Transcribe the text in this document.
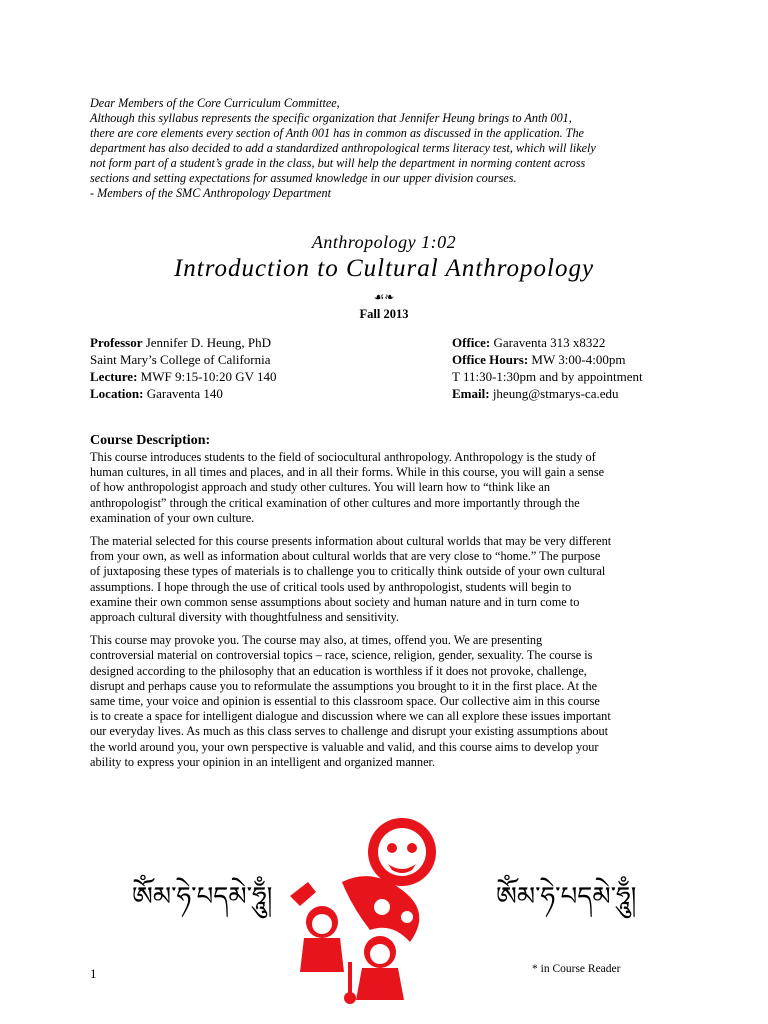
Dear Members of the Core Curriculum Committee,
Although this syllabus represents the specific organization that Jennifer Heung brings to Anth 001,
there are core elements every section of Anth 001 has in common as discussed in the application. The
department has also decided to add a standardized anthropological terms literacy test, which will likely
not form part of a student’s grade in the class, but will help the department in norming content across
sections and setting expectations for assumed knowledge in our upper division courses.
- Members of the SMC Anthropology Department
Anthropology 1:02
Introduction to Cultural Anthropology
☙❧
Fall 2013
Professor Jennifer D. Heung, PhD
Saint Mary’s College of California
Lecture: MWF 9:15-10:20 GV 140
Location: Garaventa 140
Office: Garaventa 313 x8322
Office Hours: MW 3:00-4:00pm
T 11:30-1:30pm and by appointment
Email: jheung@stmarys-ca.edu
Course Description:
This course introduces students to the field of sociocultural anthropology. Anthropology is the study of
human cultures, in all times and places, and in all their forms. While in this course, you will gain a sense
of how anthropologist approach and study other cultures. You will learn how to “think like an
anthropologist” through the critical examination of other cultures and more importantly through the
examination of your own culture.
The material selected for this course presents information about cultural worlds that may be very different
from your own, as well as information about cultural worlds that are very close to “home.” The purpose
of juxtaposing these types of materials is to challenge you to critically think outside of your own cultural
assumptions. I hope through the use of critical tools used by anthropologist, students will begin to
examine their own common sense assumptions about society and human nature and in turn come to
approach cultural diversity with thoughtfulness and sensitivity.
This course may provoke you. The course may also, at times, offend you. We are presenting
controversial material on controversial topics – race, science, religion, gender, sexuality. The course is
designed according to the philosophy that an education is worthless if it does not provoke, challenge,
disrupt and perhaps cause you to reformulate the assumptions you brought to it in the first place. At the
same time, your voice and opinion is essential to this classroom space. Our collective aim in this course
is to create a space for intelligent dialogue and discussion where we can all explore these issues important
our everyday lives. As much as this class serves to challenge and disrupt your existing assumptions about
the world around you, your own perspective is valuable and valid, and this course aims to develop your
ability to express your opinion in an intelligent and organized manner.
ༀམ་ཧེ་པདམེ་ཧཱུྃ།	ༀམ་ཧེ་པདམེ་ཧཱུྃ།
1	* in Course Reader
